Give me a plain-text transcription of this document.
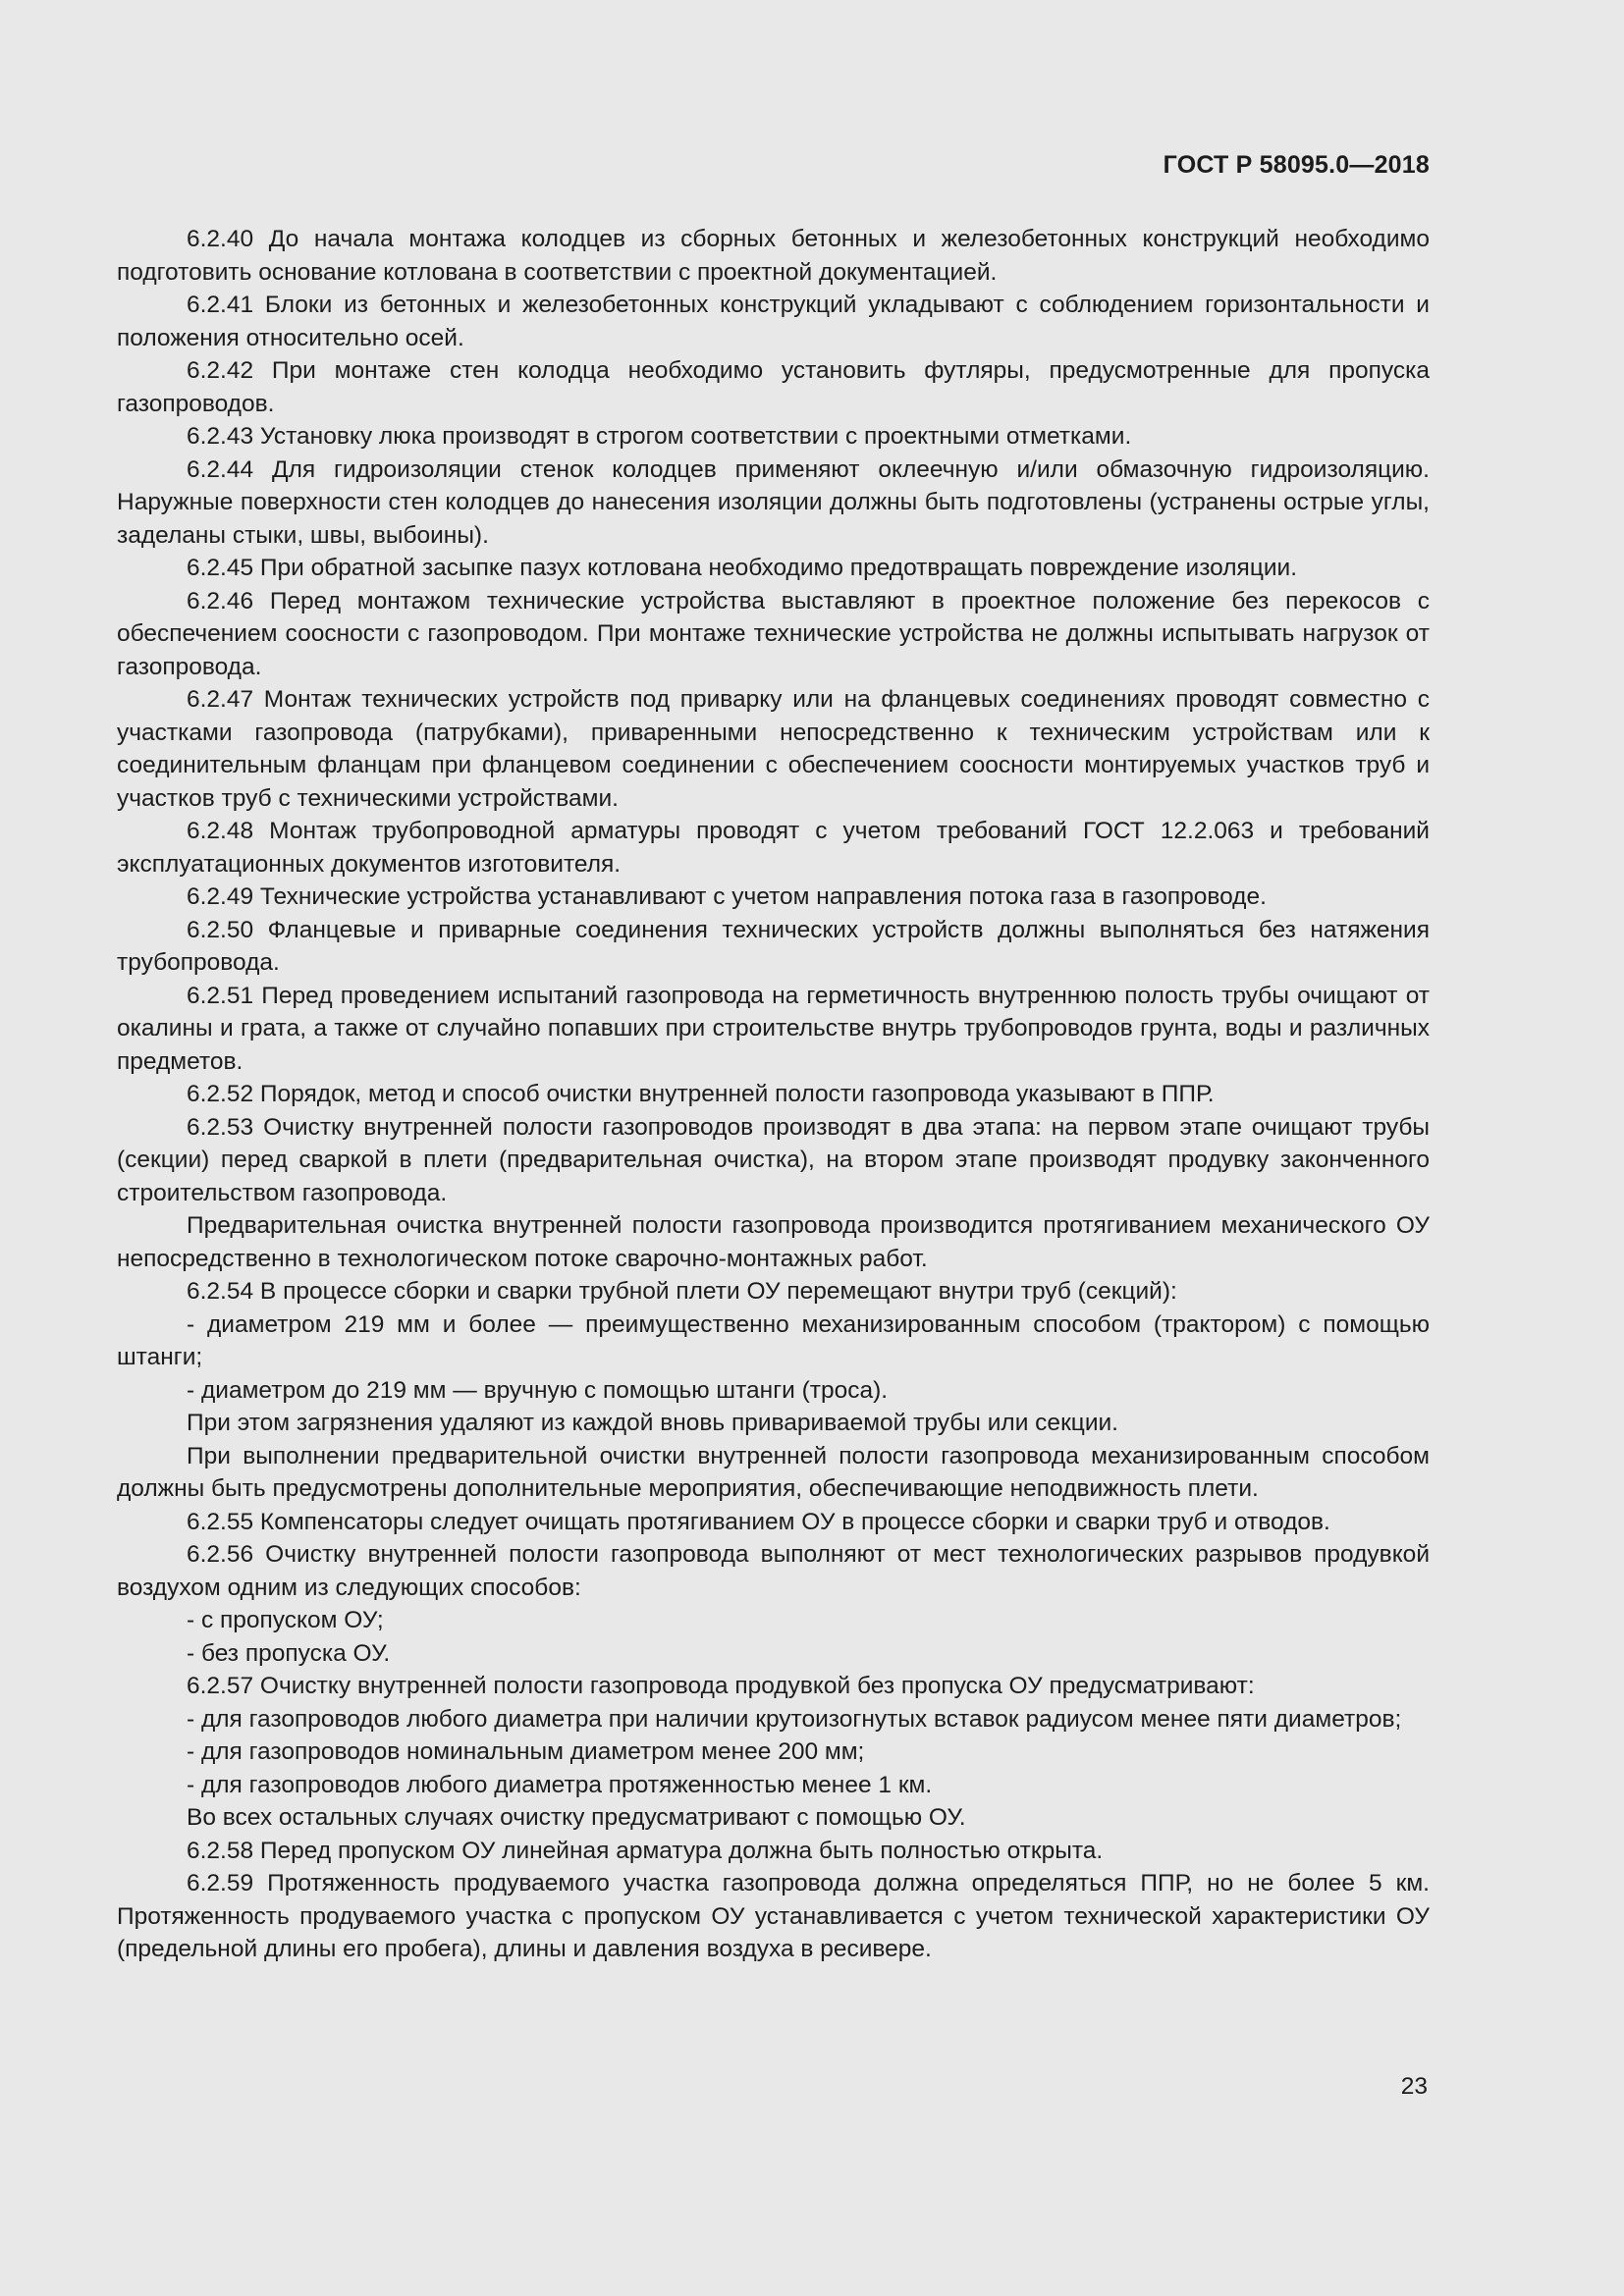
ГОСТ Р 58095.0—2018

6.2.40 До начала монтажа колодцев из сборных бетонных и железобетонных конструкций необходимо подготовить основание котлована в соответствии с проектной документацией.

6.2.41 Блоки из бетонных и железобетонных конструкций укладывают с соблюдением горизонтальности и положения относительно осей.

6.2.42 При монтаже стен колодца необходимо установить футляры, предусмотренные для пропуска газопроводов.

6.2.43 Установку люка производят в строгом соответствии с проектными отметками.

6.2.44 Для гидроизоляции стенок колодцев применяют оклеечную и/или обмазочную гидроизоляцию. Наружные поверхности стен колодцев до нанесения изоляции должны быть подготовлены (устранены острые углы, заделаны стыки, швы, выбоины).

6.2.45 При обратной засыпке пазух котлована необходимо предотвращать повреждение изоляции.

6.2.46 Перед монтажом технические устройства выставляют в проектное положение без перекосов с обеспечением соосности с газопроводом. При монтаже технические устройства не должны испытывать нагрузок от газопровода.

6.2.47 Монтаж технических устройств под приварку или на фланцевых соединениях проводят совместно с участками газопровода (патрубками), приваренными непосредственно к техническим устройствам или к соединительным фланцам при фланцевом соединении с обеспечением соосности монтируемых участков труб и участков труб с техническими устройствами.

6.2.48 Монтаж трубопроводной арматуры проводят с учетом требований ГОСТ 12.2.063 и требований эксплуатационных документов изготовителя.

6.2.49 Технические устройства устанавливают с учетом направления потока газа в газопроводе.

6.2.50 Фланцевые и приварные соединения технических устройств должны выполняться без натяжения трубопровода.

6.2.51 Перед проведением испытаний газопровода на герметичность внутреннюю полость трубы очищают от окалины и грата, а также от случайно попавших при строительстве внутрь трубопроводов грунта, воды и различных предметов.

6.2.52 Порядок, метод и способ очистки внутренней полости газопровода указывают в ППР.

6.2.53 Очистку внутренней полости газопроводов производят в два этапа: на первом этапе очищают трубы (секции) перед сваркой в плети (предварительная очистка), на втором этапе производят продувку законченного строительством газопровода.

Предварительная очистка внутренней полости газопровода производится протягиванием механического ОУ непосредственно в технологическом потоке сварочно-монтажных работ.

6.2.54 В процессе сборки и сварки трубной плети ОУ перемещают внутри труб (секций):

- диаметром 219 мм и более — преимущественно механизированным способом (трактором) с помощью штанги;

- диаметром до 219 мм — вручную с помощью штанги (троса).

При этом загрязнения удаляют из каждой вновь привариваемой трубы или секции.

При выполнении предварительной очистки внутренней полости газопровода механизированным способом должны быть предусмотрены дополнительные мероприятия, обеспечивающие неподвижность плети.

6.2.55 Компенсаторы следует очищать протягиванием ОУ в процессе сборки и сварки труб и отводов.

6.2.56 Очистку внутренней полости газопровода выполняют от мест технологических разрывов продувкой воздухом одним из следующих способов:

- с пропуском ОУ;

- без пропуска ОУ.

6.2.57 Очистку внутренней полости газопровода продувкой без пропуска ОУ предусматривают:

- для газопроводов любого диаметра при наличии крутоизогнутых вставок радиусом менее пяти диаметров;

- для газопроводов номинальным диаметром менее 200 мм;

- для газопроводов любого диаметра протяженностью менее 1 км.

Во всех остальных случаях очистку предусматривают с помощью ОУ.

6.2.58 Перед пропуском ОУ линейная арматура должна быть полностью открыта.

6.2.59 Протяженность продуваемого участка газопровода должна определяться ППР, но не более 5 км. Протяженность продуваемого участка с пропуском ОУ устанавливается с учетом технической характеристики ОУ (предельной длины его пробега), длины и давления воздуха в ресивере.

23
